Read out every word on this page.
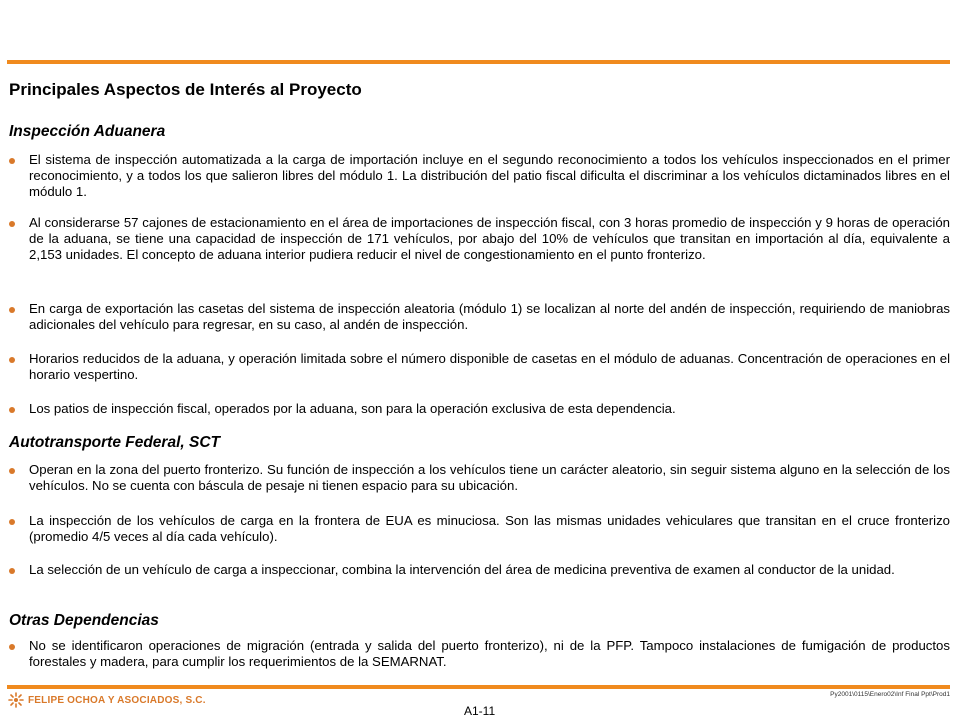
Principales Aspectos de Interés al Proyecto
Inspección Aduanera
El sistema de inspección automatizada a la carga de importación incluye en el segundo reconocimiento a todos los vehículos inspeccionados en el primer reconocimiento, y a todos los que salieron libres del módulo 1. La distribución del patio fiscal dificulta el discriminar a los vehículos dictaminados libres en el módulo 1.
Al considerarse 57 cajones de estacionamiento en el área de importaciones de inspección fiscal, con 3 horas promedio de inspección y 9 horas de operación de la aduana, se tiene una capacidad de inspección de 171 vehículos, por abajo del 10% de vehículos que transitan en importación al día, equivalente a 2,153 unidades. El concepto de aduana interior pudiera reducir el nivel de congestionamiento en el punto fronterizo.
En carga de exportación las casetas del sistema de inspección aleatoria (módulo 1) se localizan al norte del andén de inspección, requiriendo de maniobras adicionales del vehículo para regresar, en su caso, al andén de inspección.
Horarios reducidos de la aduana, y operación limitada sobre el número disponible de casetas en el módulo de aduanas. Concentración de operaciones en el horario vespertino.
Los patios de inspección fiscal, operados por la aduana, son para la operación exclusiva de esta dependencia.
Autotransporte Federal, SCT
Operan en la zona del puerto fronterizo. Su función de inspección a los vehículos tiene un carácter aleatorio, sin seguir sistema alguno en la selección de los vehículos. No se cuenta con báscula de pesaje ni tienen espacio para su ubicación.
La inspección de los vehículos de carga en la frontera de EUA es minuciosa. Son las mismas unidades vehiculares que transitan en el cruce fronterizo (promedio 4/5 veces al día cada vehículo).
La selección de un vehículo de carga a inspeccionar, combina la intervención del área de medicina preventiva de examen al conductor de la unidad.
Otras Dependencias
No se identificaron operaciones de migración (entrada y salida del puerto fronterizo), ni de la PFP. Tampoco instalaciones de fumigación de productos forestales y madera, para cumplir los requerimientos de la SEMARNAT.
FELIPE OCHOA Y ASOCIADOS, S.C.
A1-11
Py2001\0115\Enero02\Inf Final Ppt\Prod1
